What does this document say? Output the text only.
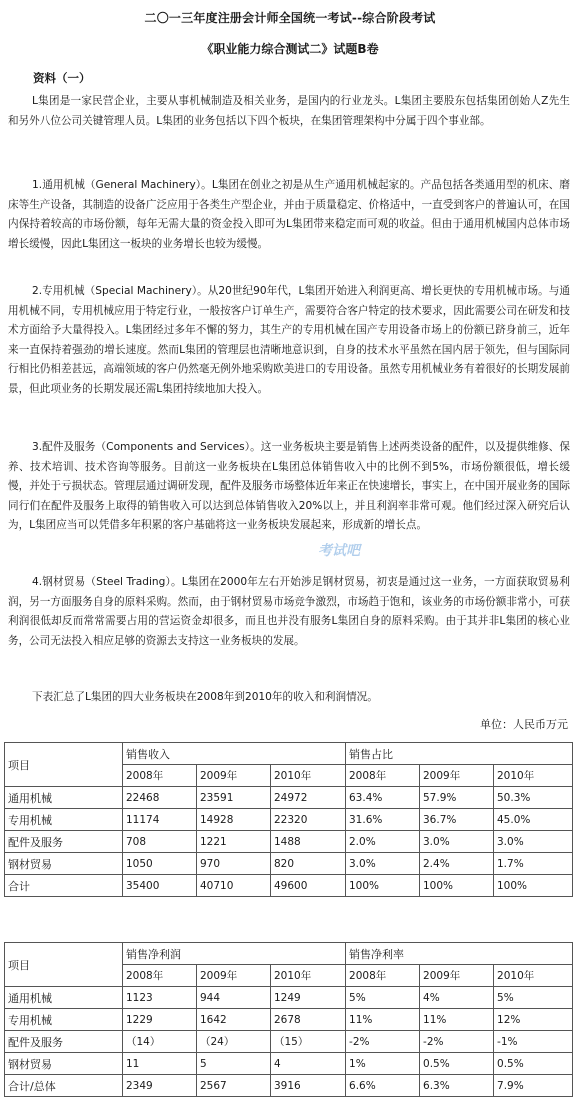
二〇一三年度注册会计师全国统一考试--综合阶段考试
《职业能力综合测试二》试题B卷
资料（一）
L集团是一家民营企业，主要从事机械制造及相关业务，是国内的行业龙头。L集团主要股东包括集团创始人Z先生和另外八位公司关键管理人员。L集团的业务包括以下四个板块，在集团管理架构中分属于四个事业部。
1.通用机械（General Machinery）。L集团在创业之初是从生产通用机械起家的。产品包括各类通用型的机床、磨床等生产设备，其制造的设备广泛应用于各类生产型企业，并由于质量稳定、价格适中，一直受到客户的普遍认可，在国内保持着较高的市场份额，每年无需大量的资金投入即可为L集团带来稳定而可观的收益。但由于通用机械国内总体市场增长缓慢，因此L集团这一板块的业务增长也较为缓慢。
2.专用机械（Special Machinery）。从20世纪90年代，L集团开始进入利润更高、增长更快的专用机械市场。与通用机械不同，专用机械应用于特定行业，一般按客户订单生产，需要符合客户特定的技术要求，因此需要公司在研发和技术方面给予大量得投入。L集团经过多年不懈的努力，其生产的专用机械在国产专用设备市场上的份额已跻身前三，近年来一直保持着强劲的增长速度。然而L集团的管理层也清晰地意识到，自身的技术水平虽然在国内居于领先，但与国际同行相比仍相差甚远，高端领域的客户仍然毫无例外地采购欧美进口的专用设备。虽然专用机械业务有着很好的长期发展前景，但此项业务的长期发展还需L集团持续地加大投入。
3.配件及服务（Components and Services）。这一业务板块主要是销售上述两类设备的配件，以及提供维修、保养、技术培训、技术咨询等服务。目前这一业务板块在L集团总体销售收入中的比例不到5%，市场份额很低，增长缓慢，并处于亏损状态。管理层通过调研发现，配件及服务市场整体近年来正在快速增长，事实上，在中国开展业务的国际同行们在配件及服务上取得的销售收入可以达到总体销售收入20%以上，并且利润率非常可观。他们经过深入研究后认为，L集团应当可以凭借多年积累的客户基础将这一业务板块发展起来，形成新的增长点。
4.钢材贸易（Steel Trading）。L集团在2000年左右开始涉足钢材贸易，初衷是通过这一业务，一方面获取贸易利润，另一方面服务自身的原料采购。然而，由于钢材贸易市场竞争激烈，市场趋于饱和，该业务的市场份额非常小，可获利润很低却反而常常需要占用的营运资金却很多，而且也并没有服务L集团自身的原料采购。由于其并非L集团的核心业务，公司无法投入相应足够的资源去支持这一业务板块的发展。
下表汇总了L集团的四大业务板块在2008年到2010年的收入和利润情况。
考试吧
单位：人民币万元
项目	销售收入			销售占比		
	2008年	2009年	2010年	2008年	2009年	2010年
通用机械	22468	23591	24972	63.4%	57.9%	50.3%
专用机械	11174	14928	22320	31.6%	36.7%	45.0%
配件及服务	708	1221	1488	2.0%	3.0%	3.0%
钢材贸易	1050	970	820	3.0%	2.4%	1.7%
合计	35400	40710	49600	100%	100%	100%
项目	销售净利润			销售净利率		
	2008年	2009年	2010年	2008年	2009年	2010年
通用机械	1123	944	1249	5%	4%	5%
专用机械	1229	1642	2678	11%	11%	12%
配件及服务	（14）	（24）	（15）	-2%	-2%	-1%
钢材贸易	11	5	4	1%	0.5%	0.5%
合计/总体	2349	2567	3916	6.6%	6.3%	7.9%
